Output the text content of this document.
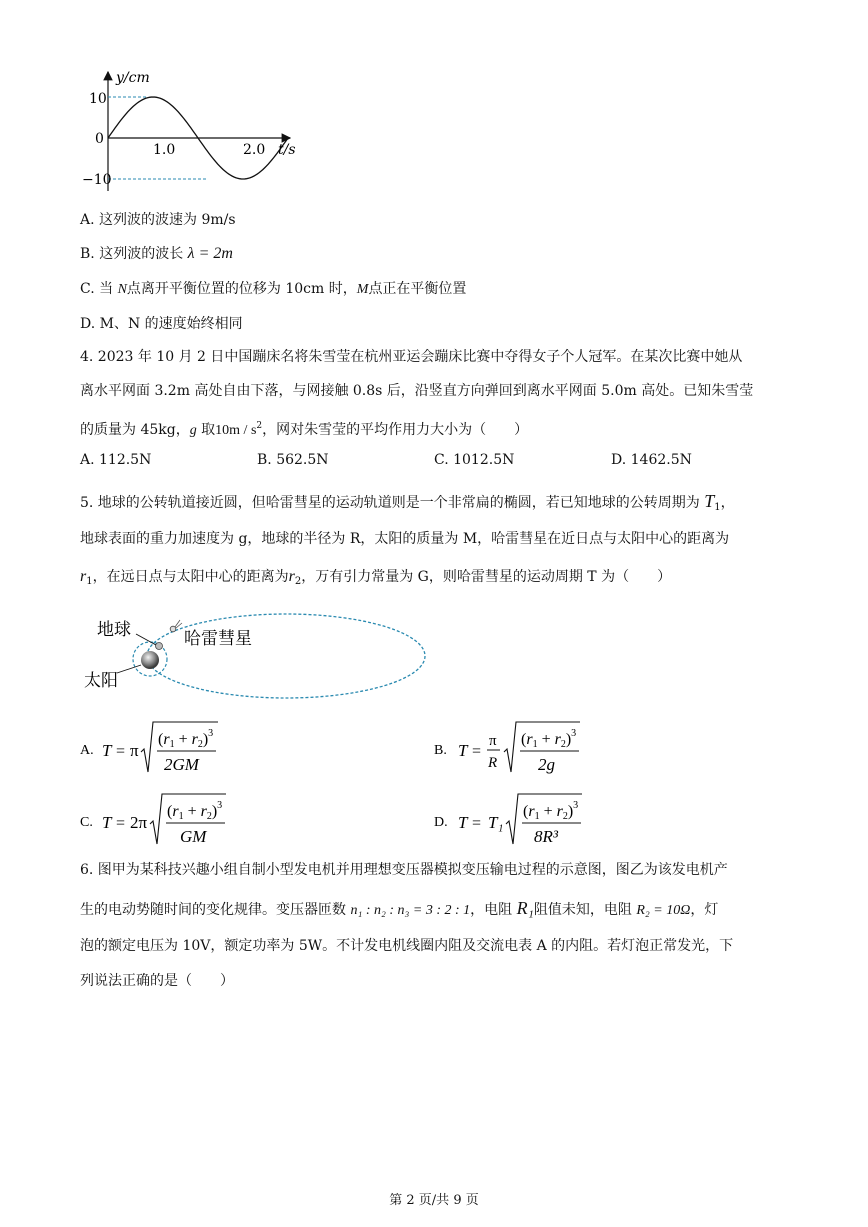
y/cm
10
0
−10
1.0	2.0 t/s
A. 这列波的波速为 9m/s
B. 这列波的波长 λ = 2m
C. 当 N点离开平衡位置的位移为 10cm 时，M点正在平衡位置
D. M、N 的速度始终相同
4. 2023 年 10 月 2 日中国蹦床名将朱雪莹在杭州亚运会蹦床比赛中夺得女子个人冠军。在某次比赛中她从
离水平网面 3.2m 高处自由下落，与网接触 0.8s 后，沿竖直方向弹回到离水平网面 5.0m 高处。已知朱雪莹
的质量为 45kg，g 取$10m / s^2$，网对朱雪莹的平均作用力大小为（　　）
A. 112.5N	B. 562.5N	C. 1012.5N	D. 1462.5N
5. 地球的公转轨道接近圆，但哈雷彗星的运动轨道则是一个非常扁的椭圆，若已知地球的公转周期为 $T_1$，
地球表面的重力加速度为 g，地球的半径为 R，太阳的质量为 M，哈雷彗星在近日点与太阳中心的距离为
$r_1$，在远日点与太阳中心的距离为$r_2$，万有引力常量为 G，则哈雷彗星的运动周期 T 为（　　）
地球	哈雷彗星
太阳
A. T = π
$(r1 + r2)^3$
2GM
B. T =
π
R
$(r1 + r2)^3$
2g
C. T = 2π
$(r1 + r2)^3$
GM
D. T = T₁
$(r1 + r2)^3$
8R³
6. 图甲为某科技兴趣小组自制小型发电机并用理想变压器模拟变压输电过程的示意图，图乙为该发电机产
生的电动势随时间的变化规律。变压器匝数 n₁ : n₂ : n₃ = 3 : 2 : 1，电阻 R₁阻值未知，电阻 R₂ = 10Ω，灯
泡的额定电压为 10V，额定功率为 5W。不计发电机线圈内阻及交流电表 A 的内阻。若灯泡正常发光，下
列说法正确的是（　　）
第 2 页/共 9 页
